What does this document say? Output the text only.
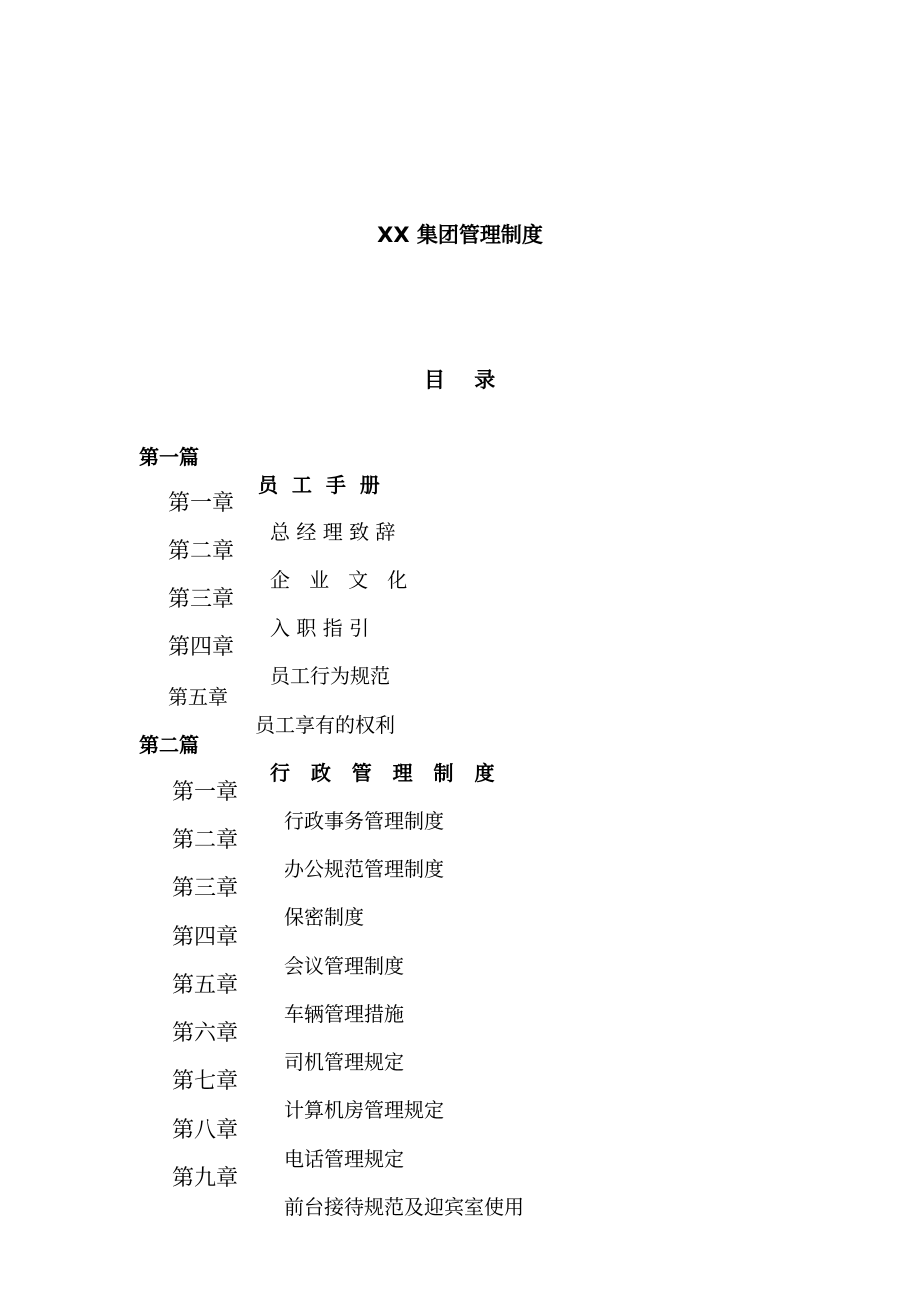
XX 集团管理制度
目    录

第一篇

员  工  手  册

第一章

总 经 理 致 辞

第二章

企   业   文   化

第三章

入 职 指 引

第四章

员工行为规范

第五章

员工享有的权利

第二篇

行   政   管   理   制   度

第一章

行政事务管理制度

第二章

办公规范管理制度

第三章

保密制度

第四章

会议管理制度

第五章

车辆管理措施

第六章

司机管理规定

第七章

计算机房管理规定

第八章

电话管理规定

第九章

前台接待规范及迎宾室使用
